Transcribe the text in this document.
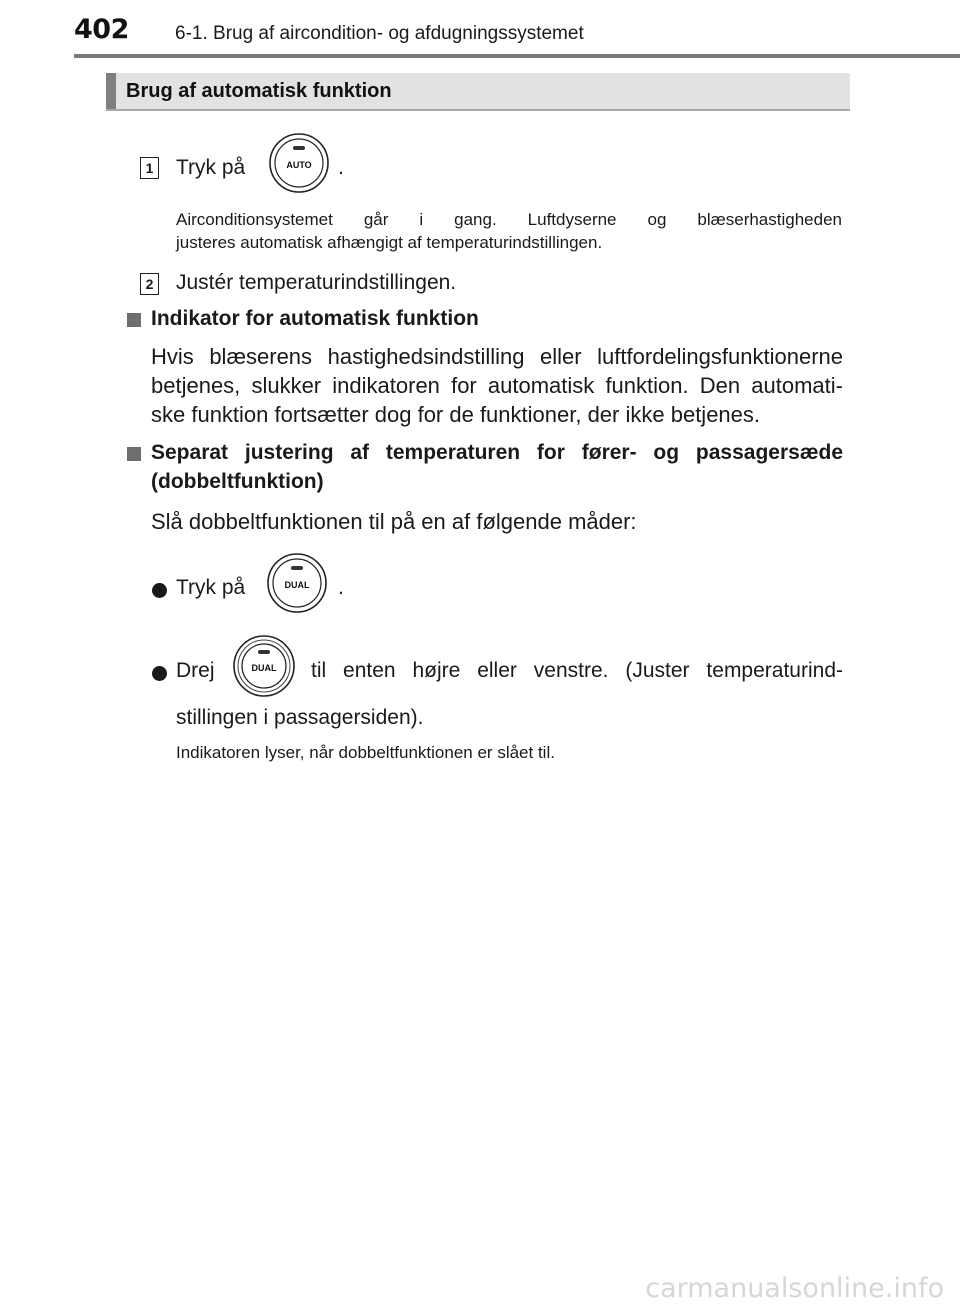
402 6-1. Brug af aircondition- og afdugningssystemet
Brug af automatisk funktion
1 Tryk på	AUTO .
Airconditionsystemet går i gang. Luftdyserne og blæserhastigheden
justeres automatisk afhængigt af temperaturindstillingen.
2 Justér temperaturindstillingen.
Indikator for automatisk funktion
Hvis blæserens hastighedsindstilling eller luftfordelingsfunktionerne
betjenes, slukker indikatoren for automatisk funktion. Den automati-
ske funktion fortsætter dog for de funktioner, der ikke betjenes.
Separat justering af temperaturen for fører- og passagersæde
(dobbeltfunktion)
Slå dobbeltfunktionen til på en af følgende måder:
Tryk på	DUAL .
Drej	DUAL til enten højre eller venstre. (Juster temperaturind-
stillingen i passagersiden).
Indikatoren lyser, når dobbeltfunktionen er slået til.
carmanualsonline.info
